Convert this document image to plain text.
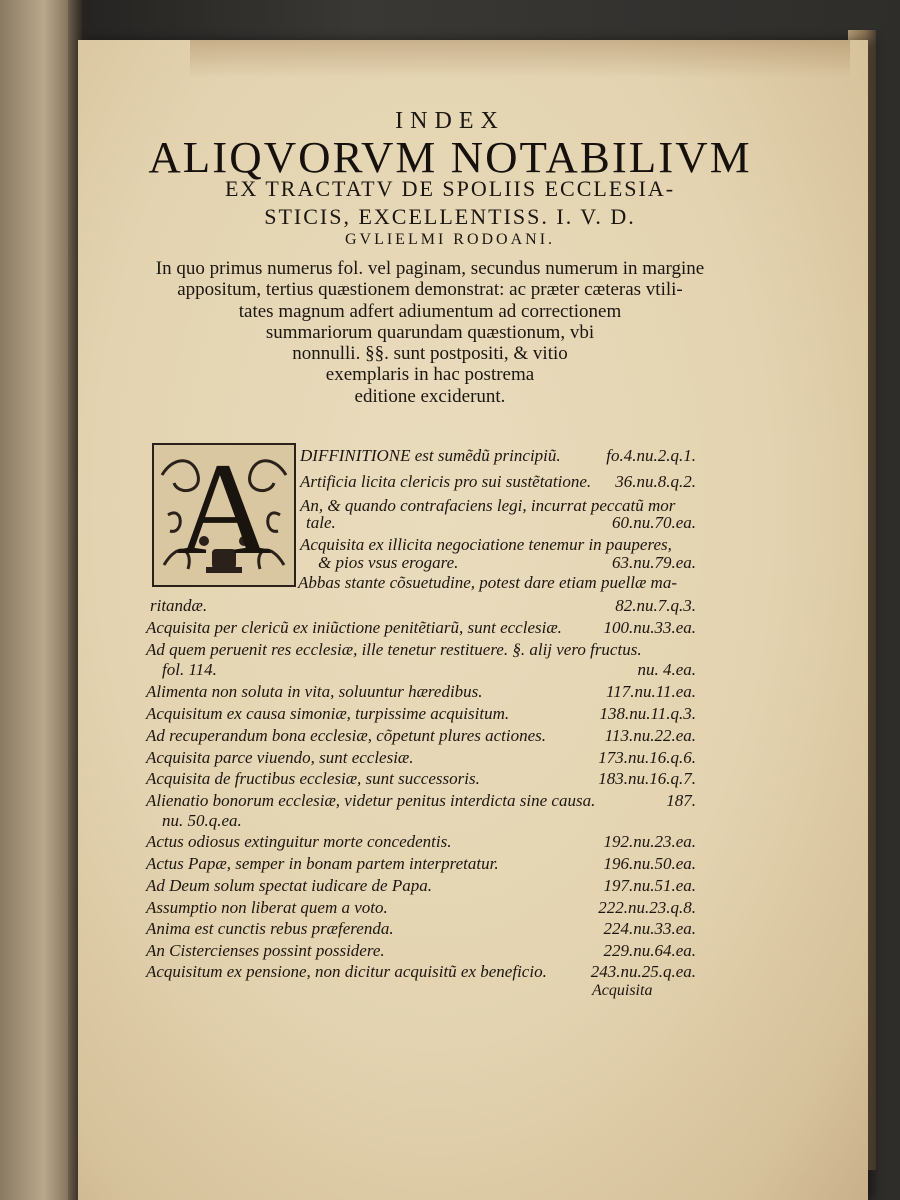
INDEX
ALIQVORVM NOTABILIVM
EX TRACTATV DE SPOLIIS ECCLESIA-
STICIS, EXCELLENTISS. I. V. D.
GVLIELMI RODOANI.
In quo primus numerus fol. vel paginam, secundus numerum in margine
appositum, tertius quæstionem demonstrat: ac præter cæteras vtili-
tates magnum adfert adiumentum ad correctionem
summariorum quarundam quæstionum, vbi
nonnulli. §§. sunt postpositi, & vitio
exemplaris in hac postrema
editione exciderunt.
A	DIFFINITIONE est sumẽdũ principiũ.	fo.4.nu.2.q.1.
Artificia licita clericis pro sui sustẽtatione. 36.nu.8.q.2.
An, & quando contrafaciens legi, incurrat peccatũ mor
tale.	60.nu.70.ea.
Acquisita ex illicita negociatione tenemur in pauperes,
& pios vsus erogare.	63.nu.79.ea.
Abbas stante cõsuetudine, potest dare etiam puellæ ma-
ritandæ.	82.nu.7.q.3.
Acquisita per clericũ ex iniũctione penitẽtiarũ, sunt ecclesiæ. 100.nu.33.ea.
Ad quem peruenit res ecclesiæ, ille tenetur restituere. §. alij vero fructus.
fol. 114.	nu. 4.ea.
Alimenta non soluta in vita, soluuntur hæredibus.	117.nu.11.ea.
Acquisitum ex causa simoniæ, turpissime acquisitum.	138.nu.11.q.3.
Ad recuperandum bona ecclesiæ, cõpetunt plures actiones.	113.nu.22.ea.
Acquisita parce viuendo, sunt ecclesiæ.	173.nu.16.q.6.
Acquisita de fructibus ecclesiæ, sunt successoris.	183.nu.16.q.7.
Alienatio bonorum ecclesiæ, videtur penitus interdicta sine causa.	187.
nu. 50.q.ea.
Actus odiosus extinguitur morte concedentis.	192.nu.23.ea.
Actus Papæ, semper in bonam partem interpretatur.	196.nu.50.ea.
Ad Deum solum spectat iudicare de Papa.	197.nu.51.ea.
Assumptio non liberat quem a voto.	222.nu.23.q.8.
Anima est cunctis rebus præferenda.	224.nu.33.ea.
An Cistercienses possint possidere.	229.nu.64.ea.
Acquisitum ex pensione, non dicitur acquisitũ ex beneficio.	243.nu.25.q.ea.
Acquisita
